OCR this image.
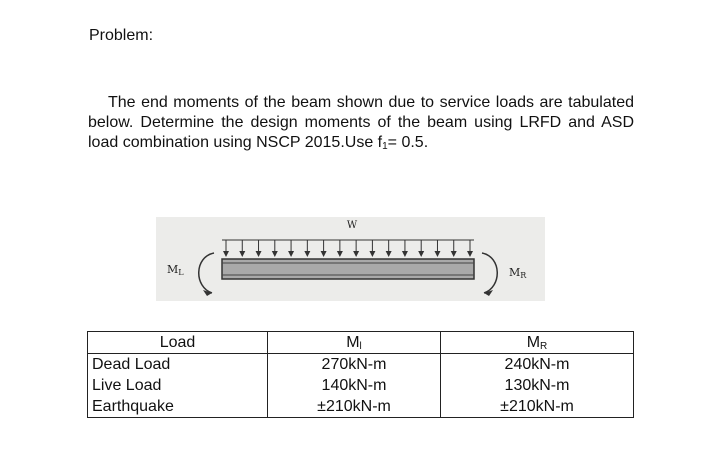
Problem:
The end moments of the beam shown due to service loads are tabulated below. Determine the design moments of the beam using LRFD and ASD load combination using NSCP 2015.Use $f_1= 0.5$.
W
ML	MR
Load	Ml	MR
Dead Load	270kN-m	240kN-m
Live Load	140kN-m	130kN-m
Earthquake	±210kN-m	±210kN-m
